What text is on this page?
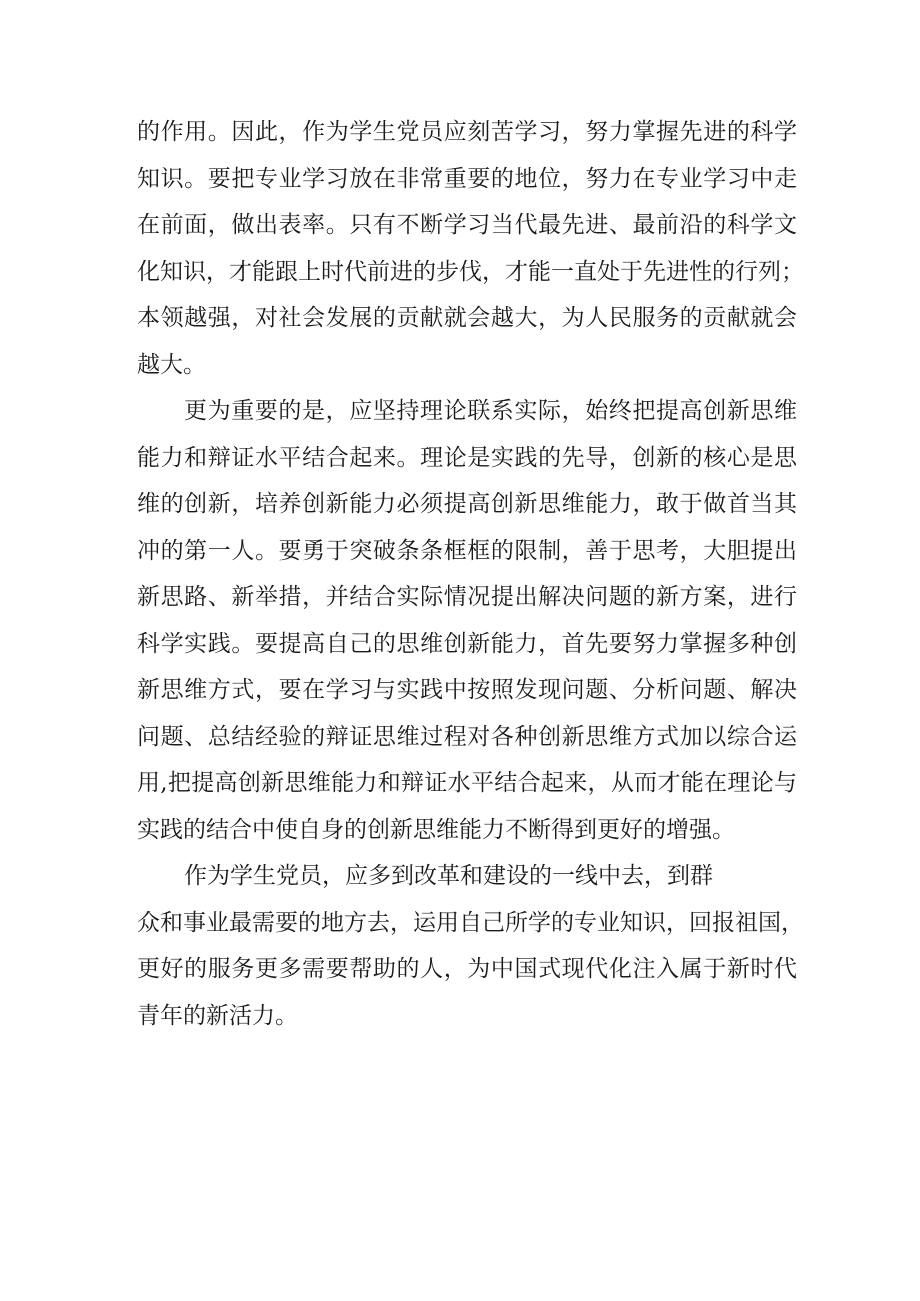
的作用。因此，作为学生党员应刻苦学习，努力掌握先进的科学
知识。要把专业学习放在非常重要的地位，努力在专业学习中走
在前面，做出表率。只有不断学习当代最先进、最前沿的科学文
化知识，才能跟上时代前进的步伐，才能一直处于先进性的行列；
本领越强，对社会发展的贡献就会越大，为人民服务的贡献就会
越大。
更为重要的是，应坚持理论联系实际，始终把提高创新思维
能力和辩证水平结合起来。理论是实践的先导，创新的核心是思
维的创新，培养创新能力必须提高创新思维能力，敢于做首当其
冲的第一人。要勇于突破条条框框的限制，善于思考，大胆提出
新思路、新举措，并结合实际情况提出解决问题的新方案，进行
科学实践。要提高自己的思维创新能力，首先要努力掌握多种创
新思维方式，要在学习与实践中按照发现问题、分析问题、解决
问题、总结经验的辩证思维过程对各种创新思维方式加以综合运
用,把提高创新思维能力和辩证水平结合起来，从而才能在理论与
实践的结合中使自身的创新思维能力不断得到更好的增强。
作为学生党员，应多到改革和建设的一线中去，到群
众和事业最需要的地方去，运用自己所学的专业知识，回报祖国，
更好的服务更多需要帮助的人，为中国式现代化注入属于新时代
青年的新活力。
